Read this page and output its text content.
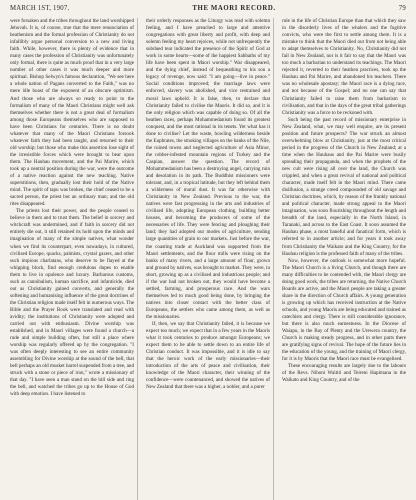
MARCH 1ST, 1907.	THE MAORI RECORD.	79

were forsaken and the tribes throughout the land worshipped Jehovah. It is, of course, true that the mere renunciation of heathenism and the formal profession of Christianity do not infallibly argue personal conversion to a new and living faith. While, however, there is plenty of evidence that in many cases the profession of Christianity was unfortunately only formal, there is quite as much proof that in a very large number of other cases it was much deeper and more spiritual. Bishop Selwyn's famous declaration, "We see here a whole nation of Pagans converted to the Faith," was no mere idle boast of the exponent of an obscure optimism. And those who are always so ready to point to the formalism of many of the Maori Christians might well ask themselves whether there is not a great deal of formalism among those Europeans themselves who are supposed to have been Christians for centuries. There is no doubt whatever that many of the Maori Christians forsook whatever faith they had been taught, and returned to their old worship; but those who make this assertion lose sight of the irresistible forces which were brought to bear upon them. The Hauhau movement, and the Pai Marire, which took up a neutral position during the war, were the outcome of a native reaction against the new teaching. Native superstitions, then, gradually lost their hold of the Native mind. The spirit of tapu was broken, the chief ceased to be a sacred person, the priest but an ordinary man; and the old rites disappeared.

The priests lost their power, and the people ceased to believe in them and to trust them. The belief in sorcery and witchcraft was undermined, and if faith in sorcery did not entirely die out, it still retained its hold upon the minds and imagination of many of the simple natives, what wonder when we find its counterpart, even nowadays, in cultured, civilised Europe, quacks, palmists, crystal gazers, and other such impious charlatans, who deserve to be flayed at the whipping block, find enough credulous dupes to enable them to live in opulence and luxury. Barbarous customs, such as cannibalism, human sacrifice, and infanticide, died out as Christianity gained converts, and generally the softening and humanising influence of the great doctrines of the Christian religion made itself felt in numerous ways. The Bible and the Prayer Book were translated and read with avidity; the institutions of Christianity were adopted and carried out with enthusiasm. Divine worship was established, and in Maori villages were found a church—a rude and simple building often, but still a place where worship was regularly offered up by the congregation. "I was often deeply interesting to see an entire community assembling for Divine worship at the sound of the bell, that bell perhaps an old musket barrel suspended from a tree, and struck with a stone or piece of iron," wrote a missionary of that day. "I have seen a man stand on the hill side and ring the bell, and watched the tribes go up to the House of God with deep emotion. I have listened to

their orderly responses as the Liturgy was read with solemn feeling, and I have preached to large and attentive congregations with great liberty and profit, with deep and solemn feeling my heart rejoices, while not unfrequently the subdued tear indicated the presence of the Spirit of God at work in some hearts—some of the happiest Sabbaths of my life have been spent in Maori worship." War disappeared, and the dying chief, instead of bequeathing to his son a legacy of revenge, now said: "I am going—live in peace." Social conditions improved; the marriage laws were enforced, slavery was abolished, and vice restrained and moral laws upheld. It is false, then, to declare that Christianity failed to civilise the Maoris. It did so, and it is the only religion which was capable of doing so. Of all the heathen races, perhaps Mohammedanism found its greatest conquest, and the most rational in its tenets. Yet what has it done to civilise? Let the waste, howling wilderness beside the Euphrates, the smoking villages on the banks of the Nile, the ruined towns and neglected agriculture of Asia Minor, the robber-infested mountain regions of Turkey and the Caspian, answer the question. The record of Mohammedanism has been a destroying angel, carrying ruin and desolation in its path. The Buddhist missioners were tolerant, and, in a tropical latitude, but they left behind them a wilderness of moral dust. It was far otherwise with Christianity in New Zealand. Previous to the war, the natives were fast progressing in the arts and industries of civilised life, adopting European clothing, building better houses, and becoming the producers of some of the necessaries of life. They were fencing and ploughing their land; they had adopted our modes of agriculture, sending large quantities of grain to our markets. Just before the war, the coasting trade at Auckland was supported from the Maori settlements, and the flour mills were rising on the banks of many rivers, and a large amount of flour, grown and ground by natives, was brought to market. They were, in short, growing up as a civilised and industrious people; and if the war had not broken out, they would have become a settled, farming, and prosperous race. And the wars themselves led to much good being done, by bringing the natives into closer contact with the better class of Europeans, the settlers who came among them, as well as the missionaries.

If, then, we say that Christianity failed, it is because we expect too much; we expect that in a few years in the Maoris what it took centuries to produce amongst Europeans; we expect them to be able to settle down to an entire life of Christian conduct. It was impossible, and it is idle to say that the heroic work of the early missionaries—their introduction of the arts of peace and civilisation, their knowledge of the Maori character, their winning of the confidence—were countenanced, and showed the natives of New Zealand that there was a higher, a nobler, and a purer

rule in the life of Christian Europe than that which they saw in the disorderly lives of the whalers and the fugitive convicts, who were the first to settle among them. It is a mistake to think that the Maori died out from not being able to adapt themselves to Christianity. No, Christianity did not fail in New Zealand, nor is it fair to say that the Maori was too much a barbarian to understand its teachings. The Maori rejected it, reverted to their heathen practices, took up the Hauhau and Pai Marire, and abandoned his teachers. There was no wholesale apostasy; the Maori race is a dying race, and not because of the Gospel; and no one can say that Christianity failed to raise them from barbarism to civilisation, and that in the days of the great tribal gatherings Christianity was a force to be reckoned with.

Such being the past record of missionary enterprise in New Zealand, what, we may well enquire, are its present position and future prospects? The war struck an almost overwhelming blow at Christianity, just at the most critical period in the progress of the Church in New Zealand; at a time when the Hauhaus and the Pai Marire were busily spreading their propaganda, and when the prophets of the new cult were rising all over the land, the Church was crippled, and when a great revival of national and political character, made itself felt in the Maori mind. There came disillusion, a strange creed compounded of old savage and Christian doctrines, which, by reason of the frankly national and political character, made strong appeal to the Maori imagination, was soon flourishing throughout the length and breadth of the land, especially in the North Island, in Taranaki, and across to the East Coast. It soon assumed the Hauhau phase, a most baneful and fanatical form, which is referred to in another article; and for years it took away from Christianity the Waikato and the King Country, for the Hauhau religion is the professed faith of many of the tribes.

Now, however, the outlook is somewhat more hopeful. The Maori Church is a living Church, and though there are many difficulties to be contended with, the Maori clergy are doing good work, the tribes are returning, the Native Church Boards are active, and the Maori people are taking a greater share in the direction of Church affairs. A young generation is growing up which has received instruction at the Native schools, and young Maoris are being educated and trained as catechists and clergy. There is still considerable ignorance, but there is also much earnestness. In the Diocese of Waiapu, in the Bay of Plenty and the Urewera country, the Church is making steady progress, and in other parts there are gratifying signs of revival. The hope of the future lies in the education of the young, and the training of Maori clergy, for it is by Maoris that the Maori race must be evangelised.

These encouraging results are largely due to the labours of the Revs. Nihoni Waititi and Teireni Hapimana in the Waikato and King Country, and of the
